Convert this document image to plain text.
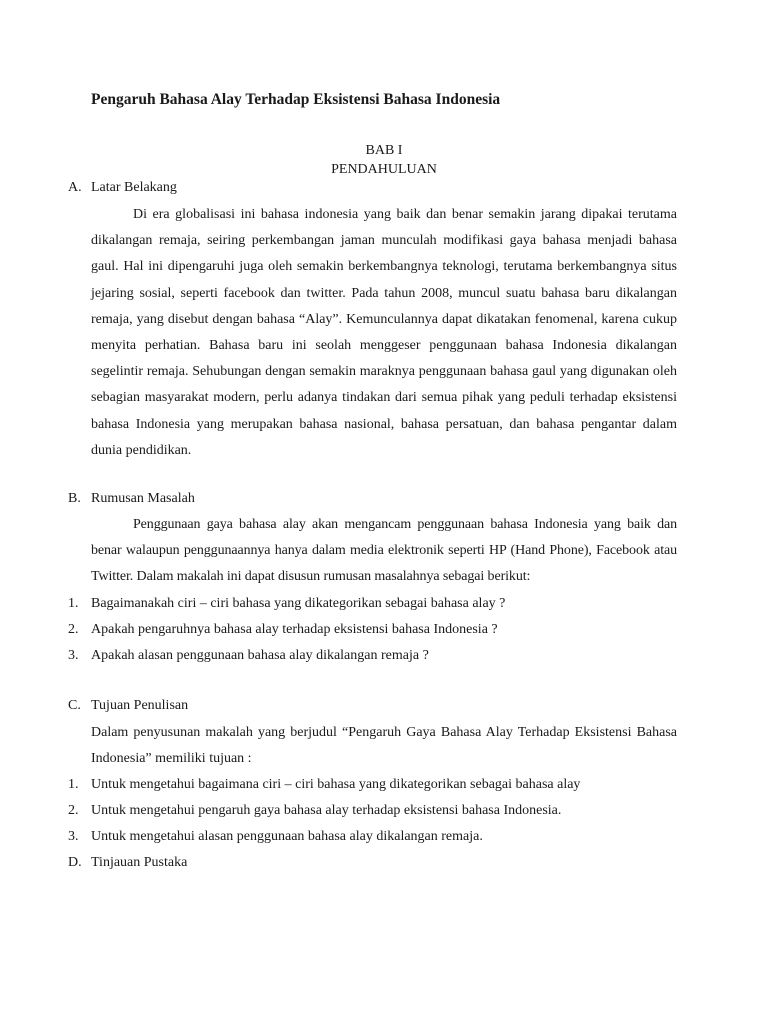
Pengaruh Bahasa Alay Terhadap Eksistensi Bahasa Indonesia
BAB I
PENDAHULUAN
A. Latar Belakang

Di era globalisasi ini bahasa indonesia yang baik dan benar semakin jarang dipakai terutama dikalangan remaja, seiring perkembangan jaman munculah modifikasi gaya bahasa menjadi bahasa gaul. Hal ini dipengaruhi juga oleh semakin berkembangnya teknologi, terutama berkembangnya situs jejaring sosial, seperti facebook dan twitter. Pada tahun 2008, muncul suatu bahasa baru dikalangan remaja, yang disebut dengan bahasa “Alay”. Kemunculannya dapat dikatakan fenomenal, karena cukup menyita perhatian. Bahasa baru ini seolah menggeser penggunaan bahasa Indonesia dikalangan segelintir remaja. Sehubungan dengan semakin maraknya penggunaan bahasa gaul yang digunakan oleh sebagian masyarakat modern, perlu adanya tindakan dari semua pihak yang peduli terhadap eksistensi bahasa Indonesia yang merupakan bahasa nasional, bahasa persatuan, dan bahasa pengantar dalam dunia pendidikan.

B. Rumusan Masalah

Penggunaan gaya bahasa alay akan mengancam penggunaan bahasa Indonesia yang baik dan benar walaupun penggunaannya hanya dalam media elektronik seperti HP (Hand Phone), Facebook atau Twitter. Dalam makalah ini dapat disusun rumusan masalahnya sebagai berikut:

1. Bagaimanakah ciri – ciri bahasa yang dikategorikan sebagai bahasa alay ?
2. Apakah pengaruhnya bahasa alay terhadap eksistensi bahasa Indonesia ?
3. Apakah alasan penggunaan bahasa alay dikalangan remaja ?
C. Tujuan Penulisan

Dalam penyusunan makalah yang berjudul “Pengaruh Gaya Bahasa Alay Terhadap Eksistensi Bahasa Indonesia” memiliki tujuan :

1. Untuk mengetahui bagaimana ciri – ciri bahasa yang dikategorikan sebagai bahasa alay
2. Untuk mengetahui pengaruh gaya bahasa alay terhadap eksistensi bahasa Indonesia.
3. Untuk mengetahui alasan penggunaan bahasa alay dikalangan remaja.
D. Tinjauan Pustaka
